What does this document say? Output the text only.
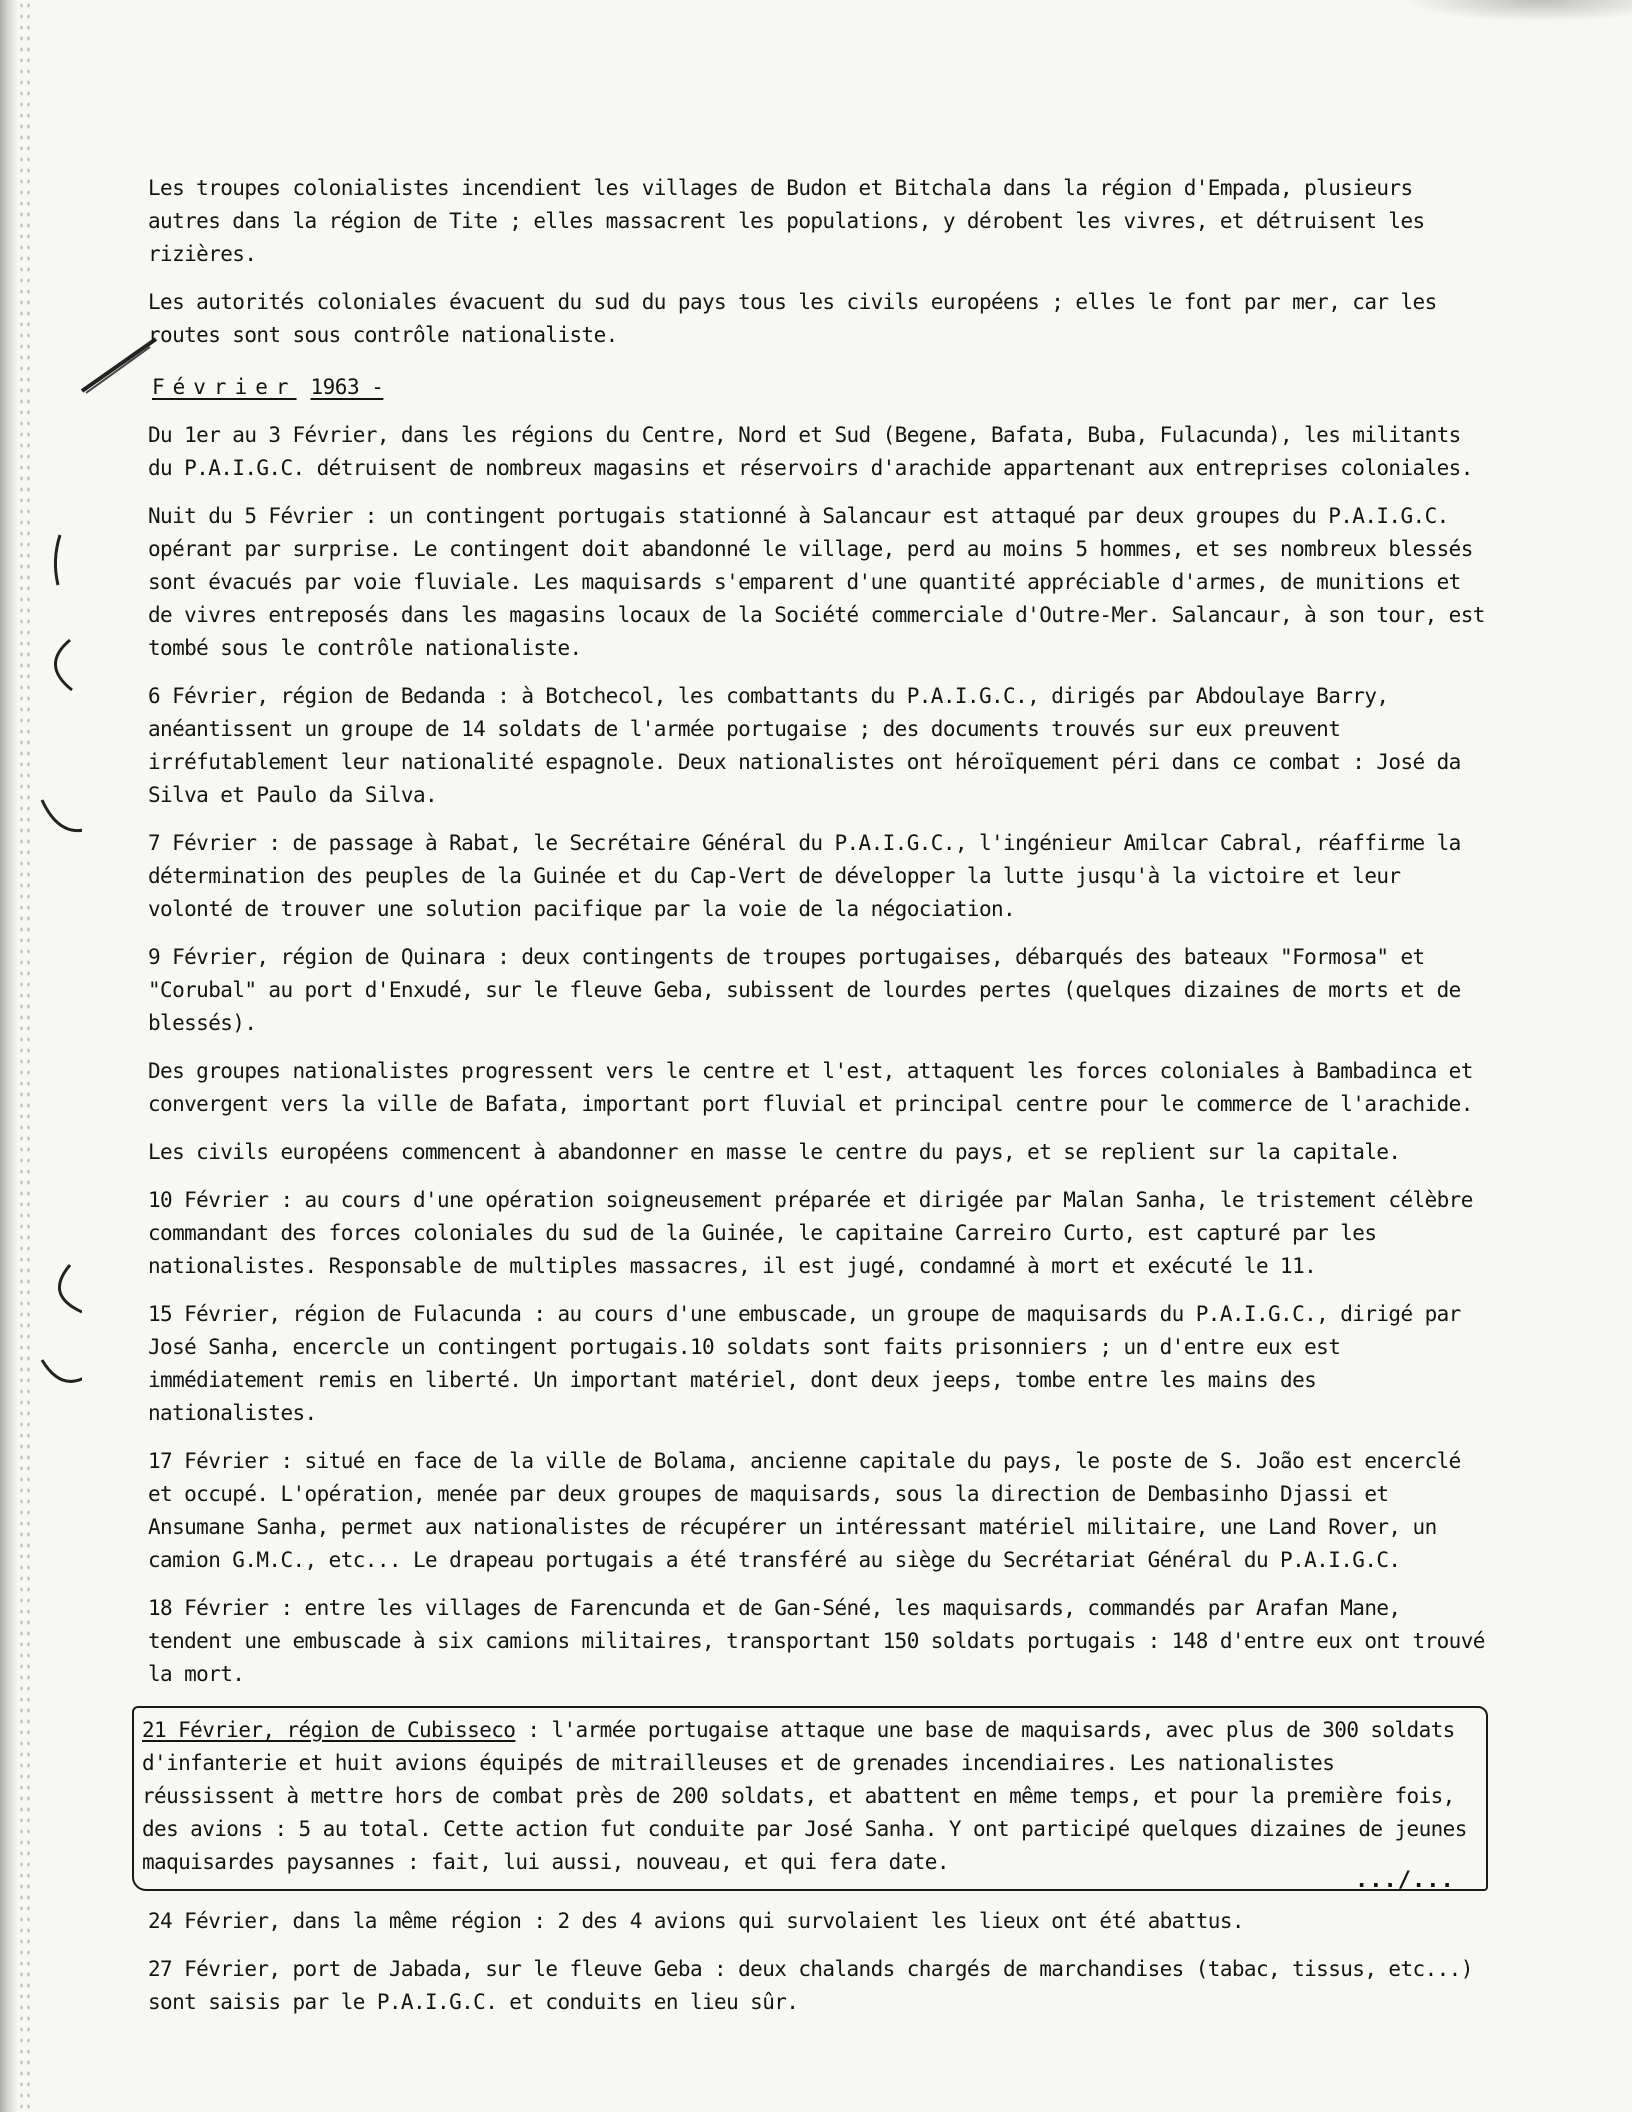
Les troupes colonialistes incendient les villages de Budon et Bitchala dans la région d'Empada, plusieurs autres dans la région de Tite ; elles massacrent les populations, y dérobent les vivres, et détruisent les rizières.

Les autorités coloniales évacuent du sud du pays tous les civils européens ; elles le font par mer, car les routes sont sous contrôle nationaliste.

Février 1963 -

Du 1er au 3 Février, dans les régions du Centre, Nord et Sud (Begene, Bafata, Buba, Fulacunda), les militants du P.A.I.G.C. détruisent de nombreux magasins et réservoirs d'arachide appartenant aux entreprises coloniales.

Nuit du 5 Février : un contingent portugais stationné à Salancaur est attaqué par deux groupes du P.A.I.G.C. opérant par surprise. Le contingent doit abandonné le village, perd au moins 5 hommes, et ses nombreux blessés sont évacués par voie fluviale. Les maquisards s'emparent d'une quantité appréciable d'armes, de munitions et de vivres entreposés dans les magasins locaux de la Société commerciale d'Outre-Mer. Salancaur, à son tour, est tombé sous le contrôle nationaliste.

6 Février, région de Bedanda : à Botchecol, les combattants du P.A.I.G.C., dirigés par Abdoulaye Barry, anéantissent un groupe de 14 soldats de l'armée portugaise ; des documents trouvés sur eux preuvent irréfutablement leur nationalité espagnole. Deux nationalistes ont héroïquement péri dans ce combat : José da Silva et Paulo da Silva.

7 Février : de passage à Rabat, le Secrétaire Général du P.A.I.G.C., l'ingénieur Amilcar Cabral, réaffirme la détermination des peuples de la Guinée et du Cap-Vert de développer la lutte jusqu'à la victoire et leur volonté de trouver une solution pacifique par la voie de la négociation.

9 Février, région de Quinara : deux contingents de troupes portugaises, débarqués des bateaux "Formosa" et "Corubal" au port d'Enxudé, sur le fleuve Geba, subissent de lourdes pertes (quelques dizaines de morts et de blessés).

Des groupes nationalistes progressent vers le centre et l'est, attaquent les forces coloniales à Bambadinca et convergent vers la ville de Bafata, important port fluvial et principal centre pour le commerce de l'arachide.

Les civils européens commencent à abandonner en masse le centre du pays, et se replient sur la capitale.

10 Février : au cours d'une opération soigneusement préparée et dirigée par Malan Sanha, le tristement célèbre commandant des forces coloniales du sud de la Guinée, le capitaine Carreiro Curto, est capturé par les nationalistes. Responsable de multiples massacres, il est jugé, condamné à mort et exécuté le 11.

15 Février, région de Fulacunda : au cours d'une embuscade, un groupe de maquisards du P.A.I.G.C., dirigé par José Sanha, encercle un contingent portugais.10 soldats sont faits prisonniers ; un d'entre eux est immédiatement remis en liberté. Un important matériel, dont deux jeeps, tombe entre les mains des nationalistes.

17 Février : situé en face de la ville de Bolama, ancienne capitale du pays, le poste de S. João est encerclé et occupé. L'opération, menée par deux groupes de maquisards, sous la direction de Dembasinho Djassi et Ansumane Sanha, permet aux nationalistes de récupérer un intéressant matériel militaire, une Land Rover, un camion G.M.C., etc... Le drapeau portugais a été transféré au siège du Secrétariat Général du P.A.I.G.C.

18 Février : entre les villages de Farencunda et de Gan-Séné, les maquisards, commandés par Arafan Mane, tendent une embuscade à six camions militaires, transportant 150 soldats portugais : 148 d'entre eux ont trouvé la mort.

21 Février, région de Cubisseco : l'armée portugaise attaque une base de maquisards, avec plus de 300 soldats d'infanterie et huit avions équipés de mitrailleuses et de grenades incendiaires. Les nationalistes réussissent à mettre hors de combat près de 200 soldats, et abattent en même temps, et pour la première fois, des avions : 5 au total. Cette action fut conduite par José Sanha. Y ont participé quelques dizaines de jeunes maquisardes paysannes : fait, lui aussi, nouveau, et qui fera date.

24 Février, dans la même région : 2 des 4 avions qui survolaient les lieux ont été abattus.

27 Février, port de Jabada, sur le fleuve Geba : deux chalands chargés de marchandises (tabac, tissus, etc...) sont saisis par le P.A.I.G.C. et conduits en lieu sûr.

.../...
